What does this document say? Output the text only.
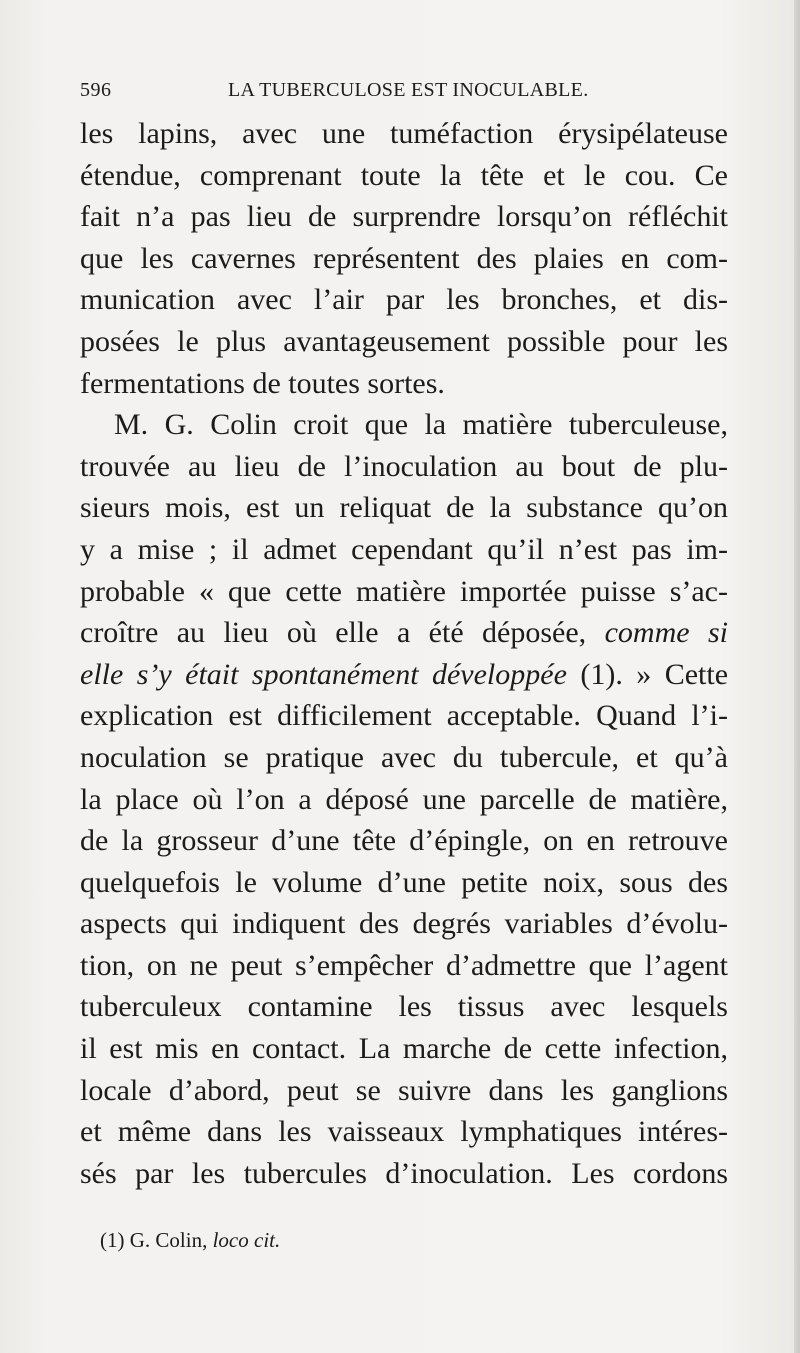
596	LA TUBERCULOSE EST INOCULABLE.
les lapins, avec une tuméfaction érysipélateuse
étendue, comprenant toute la tête et le cou. Ce
fait n’a pas lieu de surprendre lorsqu’on réfléchit
que les cavernes représentent des plaies en com-
munication avec l’air par les bronches, et dis-
posées le plus avantageusement possible pour les
fermentations de toutes sortes.
M. G. Colin croit que la matière tuberculeuse,
trouvée au lieu de l’inoculation au bout de plu-
sieurs mois, est un reliquat de la substance qu’on
y a mise ; il admet cependant qu’il n’est pas im-
probable « que cette matière importée puisse s’ac-
croître au lieu où elle a été déposée, comme si
elle s’y était spontanément développée (1). » Cette
explication est difficilement acceptable. Quand l’i-
noculation se pratique avec du tubercule, et qu’à
la place où l’on a déposé une parcelle de matière,
de la grosseur d’une tête d’épingle, on en retrouve
quelquefois le volume d’une petite noix, sous des
aspects qui indiquent des degrés variables d’évolu-
tion, on ne peut s’empêcher d’admettre que l’agent
tuberculeux contamine les tissus avec lesquels
il est mis en contact. La marche de cette infection,
locale d’abord, peut se suivre dans les ganglions
et même dans les vaisseaux lymphatiques intéres-
sés par les tubercules d’inoculation. Les cordons
(1) G. Colin, loco cit.
